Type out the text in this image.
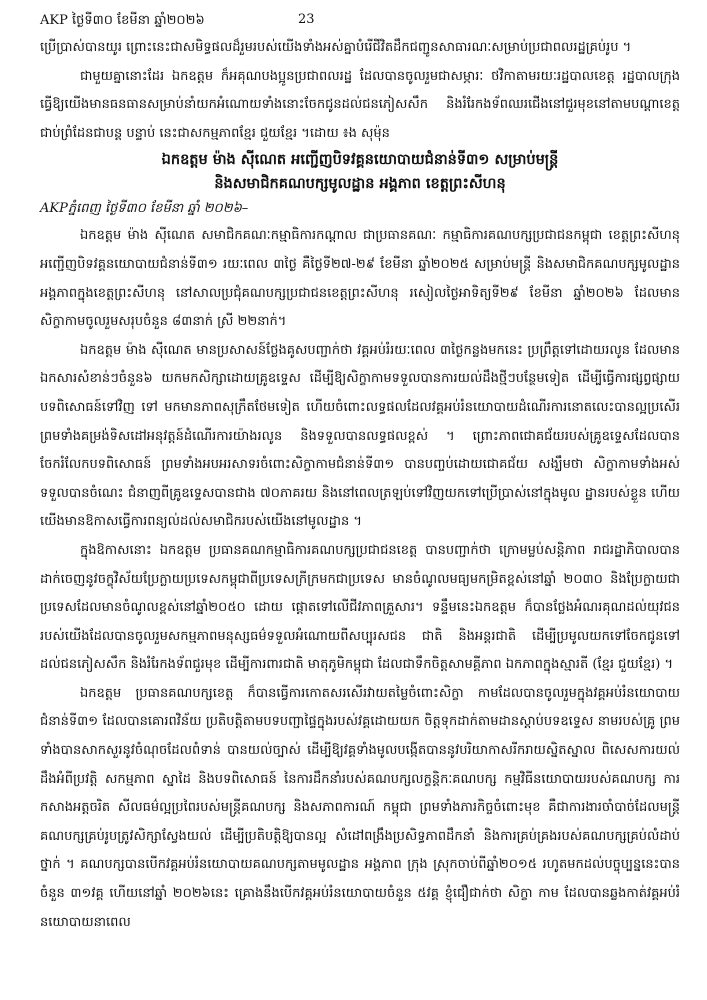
AKP ថ្ងៃទី៣០ ខែមីនា ឆ្នាំ២០២៦	23

ប្រើប្រាស់បានយូរ ព្រោះនេះជាសមិទ្ធផលដ៏រួមរបស់យើងទាំងអស់គ្នាបំរើជីវិតដឹកជញ្ជូនសាធារណៈសម្រាប់ប្រជាពលរដ្ឋគ្រប់រូប ។

ជាមួយគ្នានោះដែរ ឯកឧត្តម ក៏អគុណបងប្អូនប្រជាពលរដ្ឋ ដែលបានចូលរួមជាសម្ភារៈ ថវិកាតាមរយៈរដ្ឋបាលខេត្ត រដ្ឋបាលក្រុង ធ្វើឱ្យយើងមានធនធានសម្រាប់នាំយកអំណោយទាំងនោះចែកជូនដល់ជនភៀសសឹក និងរំរែកងទ័ពឈរជើងនៅជួរមុខនៅតាមបណ្ដាខេត្តជាប់ព្រំដែនជាបន្ដ បន្ទាប់ នេះជាសកម្មភាពខ្មែរ ជួយខ្មែរ ។ដោយ ៖ង សុម៉ុន

ឯកឧត្ដម ម៉ាង ស៊ីណេត អញ្ជើញបិទវគ្គនយោបាយជំនាន់ទី៣១ សម្រាប់មន្ត្រី

និងសមាជិកគណបក្សមូលដ្ឋាន អង្គភាព ខេត្តព្រះសីហនុ

AKPភ្នំពេញ ថ្ងៃទី៣០ ខែមីនា ឆ្នាំ ២០២៦–

ឯកឧត្ដម ម៉ាង ស៊ីណេត សមាជិកគណៈកម្មាធិការកណ្តាល ជាប្រធានគណៈ កម្មាធិការគណបក្សប្រជាជនកម្ពុជា ខេត្តព្រះសីហនុ អញ្ជើញបិទវគ្គនយោបាយជំនាន់ទី៣១ រយៈពេល ៣ថ្ងៃ គឺថ្ងៃទី២៧-២៩ ខែមីនា ឆ្នាំ២០២៥ សម្រាប់មន្ត្រី និងសមាជិកគណបក្សមូលដ្ឋាន អង្គភាពក្នុងខេត្តព្រះសីហនុ នៅសាលប្រជុំគណបក្សប្រជាជនខេត្តព្រះសីហនុ រសៀលថ្ងៃអាទិត្យទី២៩ ខែមីនា ឆ្នាំ២០២៦ ដែលមានសិក្ខាកាមចូលរួមសរុបចំនួន ៨៣នាក់ ស្រី ២២នាក់។

ឯកឧត្ដម ម៉ាង ស៊ីណេត មានប្រសាសន៍ថ្លែងគូសបញ្ជាក់ថា វគ្គអប់រំរយៈពេល ៣ថ្ងៃកន្លងមកនេះ ប្រព្រឹត្តទៅដោយរលូន ដែលមានឯកសារសំខាន់ៗចំនួន៦ យកមកសិក្សាដោយគ្រូឧទ្ទេស ដើម្បីឱ្យសិក្ខាកាមទទួលបានការយល់ដឹងថ្មីៗបន្ថែមទៀត ដើម្បីធ្វើការផ្សព្វផ្សាយបទពិសោធន៍ទៅវិញ ទៅ មកមានភាពសុក្រឹតថែមទៀត ហើយចំពោះលទ្ធផលដែលវគ្គអប់រំនយោបាយដំណើរការនោតលេះបានល្អប្រសើរ ព្រមទាំងគម្រង់ទិសដៅអនុវត្តន៍ដំណើរការយ៉ាងរលូន និងទទួលបានលទ្ធផលខ្ពស់ ។ ព្រោះភាពជោគជ័យរបស់គ្រូឧទ្ទេសដែលបានចែករំលែកបទពិសោធន៍ ព្រមទាំងអបអរសាទរចំពោះសិក្ខាកាមជំនាន់ទី៣១ បានបញ្ចប់ដោយជោគជ័យ សង្ឃឹមថា សិក្ខាកាមទាំងអស់ទទួលបានចំណេះ ជំនាញពីគ្រូឧទ្ទេសបានជាង ៧០ភាគរយ និងនៅពេលត្រឡប់ទៅវិញយកទៅប្រើប្រាស់នៅក្នុងមូល ដ្ឋានរបស់ខ្លួន ហើយយើងមានឱកាសធ្វើការពន្យល់ដល់សមាជិករបស់យើងនៅមូលដ្ឋាន ។

ក្នុងឱកាសនោះ ឯកឧត្ដម ប្រធានគណកម្មាធិការគណបក្សប្រជាជនខេត្ត បានបញ្ជាក់ថា ក្រោមម្លប់សន្តិភាព រាជរដ្ឋាភិបាលបានដាក់ចេញនូវចក្ខុវិស័យប្រែក្លាយប្រទេសកម្ពុជាពីប្រទេសក្រីក្រមកជាប្រទេស មានចំណូលមធ្យមកម្រិតខ្ពស់នៅឆ្នាំ ២០៣០ និងប្រែក្លាយជាប្រទេសដែលមានចំណូលខ្ពស់នៅឆ្នាំ២០៥០ ដោយ ផ្ដោតទៅលើជីវភាពគ្រួសារ។ ទន្ទឹមនេះឯកឧត្ដម ក៏បានថ្លែងអំណរគុណដល់យុវជនរបស់យើងដែលបានចូលរួមសកម្មភាពមនុស្សធម៌ទទួលអំណោយពីសប្បុរសជន ជាតិ និងអន្តរជាតិ ដើម្បីប្រមូលយកទៅចែកជូនទៅដល់ជនភៀសសឹក និងរំរែកងទ័ពជួរមុខ ដើម្បីការពារជាតិ មាតុភូមិកម្ពុជា ដែលជាទឹកចិត្តសាមគ្គីភាព ឯកភាពក្នុងស្មារតី (ខ្មែរ ជួយខ្មែរ) ។

ឯកឧត្ដម ប្រធានគណបក្សខេត្ត ក៏បានធ្វើការកោតសរសើរវាយតម្លៃចំពោះសិក្ខា កាមដែលបានចូលរួមក្នុងវគ្គអប់រំនយោបាយជំនាន់ទី៣១ ដែលបានគោរពវិន័យ ប្រតិបត្តិតាមបទបញ្ជាផ្ទៃក្នុងរបស់វគ្គដោយយក ចិត្តទុកដាក់តាមដានស្ដាប់បទឧទ្ទេស នាមរបស់គ្រូ ព្រមទាំងបានសាកសួរនូវចំណុចដែលពំទាន់ បានយល់ច្បាស់ ដើម្បីឱ្យវគ្គទាំងមូលបង្កើតបាននូវបរិយាកាសរីករាយស្និតស្នាល ពិសេសការយល់ដឹងអំពីប្រវត្តិ សកម្មភាព ស្នាដៃ និងបទពិសោធន៍ នៃការដឹកនាំរបស់គណបក្សលក្ខន្តិកៈគណបក្ស កម្មវិធីនយោបាយរបស់គណបក្ស ការកសាងអត្តចរិត សីលធម៌ល្អប្រពៃរបស់មន្ត្រីគណបក្ស និងសភាពការណ៍ កម្ពុជា ព្រមទាំងភារកិច្ចចំពោះមុខ គឺជាការងារចាំបាច់ដែលមន្ត្រីគណបក្សគ្រប់រូបត្រូវសិក្សាស្វែងយល់ ដើម្បីប្រតិបត្តិឱ្យបានល្អ សំដៅពង្រឹងប្រសិទ្ធភាពដឹកនាំ និងការគ្រប់គ្រងរបស់គណបក្សគ្រប់លំដាប់ថ្នាក់ ។ គណបក្សបានបើកវគ្គអប់រំនយោបាយគណបក្សតាមមូលដ្ឋាន អង្គភាព ក្រុង ស្រុកចាប់ពីឆ្នាំ២០១៥ រហូតមកដល់បច្ចុប្បន្ននេះបានចំនួន ៣១វគ្គ ហើយនៅឆ្នាំ ២០២៦នេះ គ្រោងនឹងបើកវគ្គអប់រំនយោបាយចំនួន ៥វគ្គ ខ្ញុំជឿជាក់ថា សិក្ខា កាម ដែលបានឆ្លងកាត់វគ្គអប់រំនយោបាយនាពេល
